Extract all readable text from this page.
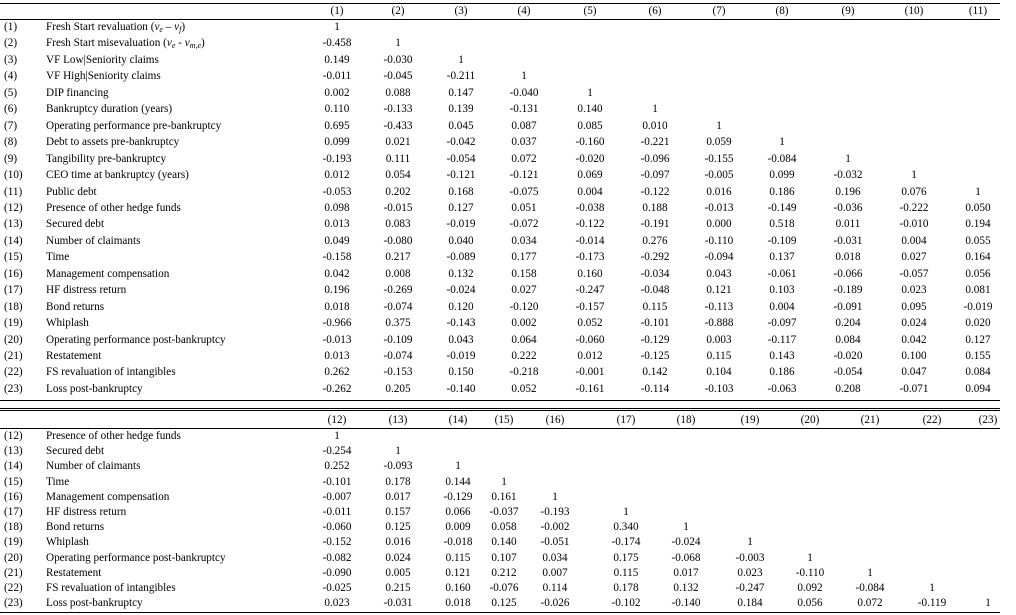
(1)	(2)	(3)	(4)	(5)	(6)	(7)	(8)	(9)	(10)	(11)
(1)	Fresh Start revaluation $(v_e - v_f)$	1
(2)	Fresh Start misevaluation $(v_e - v_{m,e})$	-0.458	1
(3)	VF Low|Seniority claims	0.149	-0.030	1
(4)	VF High|Seniority claims	-0.011	-0.045	-0.211	1
(5)	DIP financing	0.002	0.088	0.147	-0.040	1
(6)	Bankruptcy duration (years)	0.110	-0.133	0.139	-0.131	0.140	1
(7)	Operating performance pre-bankruptcy	0.695	-0.433	0.045	0.087	0.085	0.010	1
(8)	Debt to assets pre-bankruptcy	0.099	0.021	-0.042	0.037	-0.160	-0.221	0.059	1
(9)	Tangibility pre-bankruptcy	-0.193	0.111	-0.054	0.072	-0.020	-0.096	-0.155	-0.084	1
(10)	CEO time at bankruptcy (years)	0.012	0.054	-0.121	-0.121	0.069	-0.097	-0.005	0.099	-0.032	1
(11)	Public debt	-0.053	0.202	0.168	-0.075	0.004	-0.122	0.016	0.186	0.196	0.076	1
(12)	Presence of other hedge funds	0.098	-0.015	0.127	0.051	-0.038	0.188	-0.013	-0.149	-0.036	-0.222	0.050
(13)	Secured debt	0.013	0.083	-0.019	-0.072	-0.122	-0.191	0.000	0.518	0.011	-0.010	0.194
(14)	Number of claimants	0.049	-0.080	0.040	0.034	-0.014	0.276	-0.110	-0.109	-0.031	0.004	0.055
(15)	Time	-0.158	0.217	-0.089	0.177	-0.173	-0.292	-0.094	0.137	0.018	0.027	0.164
(16)	Management compensation	0.042	0.008	0.132	0.158	0.160	-0.034	0.043	-0.061	-0.066	-0.057	0.056
(17)	HF distress return	0.196	-0.269	-0.024	0.027	-0.247	-0.048	0.121	0.103	-0.189	0.023	0.081
(18)	Bond returns	0.018	-0.074	0.120	-0.120	-0.157	0.115	-0.113	0.004	-0.091	0.095	-0.019
(19)	Whiplash	-0.966	0.375	-0.143	0.002	0.052	-0.101	-0.888	-0.097	0.204	0.024	0.020
(20)	Operating performance post-bankruptcy	-0.013	-0.109	0.043	0.064	-0.060	-0.129	0.003	-0.117	0.084	0.042	0.127
(21)	Restatement	0.013	-0.074	-0.019	0.222	0.012	-0.125	0.115	0.143	-0.020	0.100	0.155
(22)	FS revaluation of intangibles	0.262	-0.153	0.150	-0.218	-0.001	0.142	0.104	0.186	-0.054	0.047	0.084
(23)	Loss post-bankruptcy	-0.262	0.205	-0.140	0.052	-0.161	-0.114	-0.103	-0.063	0.208	-0.071	0.094
(12)	(13)	(14)	(15)	(16)	(17)	(18)	(19)	(20)	(21)	(22)	(23)
(12)	Presence of other hedge funds	1
(13)	Secured debt	-0.254	1
(14)	Number of claimants	0.252	-0.093	1
(15)	Time	-0.101	0.178	0.144	1
(16)	Management compensation	-0.007	0.017	-0.129	0.161	1
(17)	HF distress return	-0.011	0.157	0.066	-0.037	-0.193	1
(18)	Bond returns	-0.060	0.125	0.009	0.058	-0.002	0.340	1
(19)	Whiplash	-0.152	0.016	-0.018	0.140	-0.051	-0.174	-0.024	1
(20)	Operating performance post-bankruptcy	-0.082	0.024	0.115	0.107	0.034	0.175	-0.068	-0.003	1
(21)	Restatement	-0.090	0.005	0.121	0.212	0.007	0.115	0.017	0.023	-0.110	1
(22)	FS revaluation of intangibles	-0.025	0.215	0.160	-0.076	0.114	0.178	0.132	-0.247	0.092	-0.084	1
(23)	Loss post-bankruptcy	0.023	-0.031	0.018	0.125	-0.026	-0.102	-0.140	0.184	0.056	0.072	-0.119	1
